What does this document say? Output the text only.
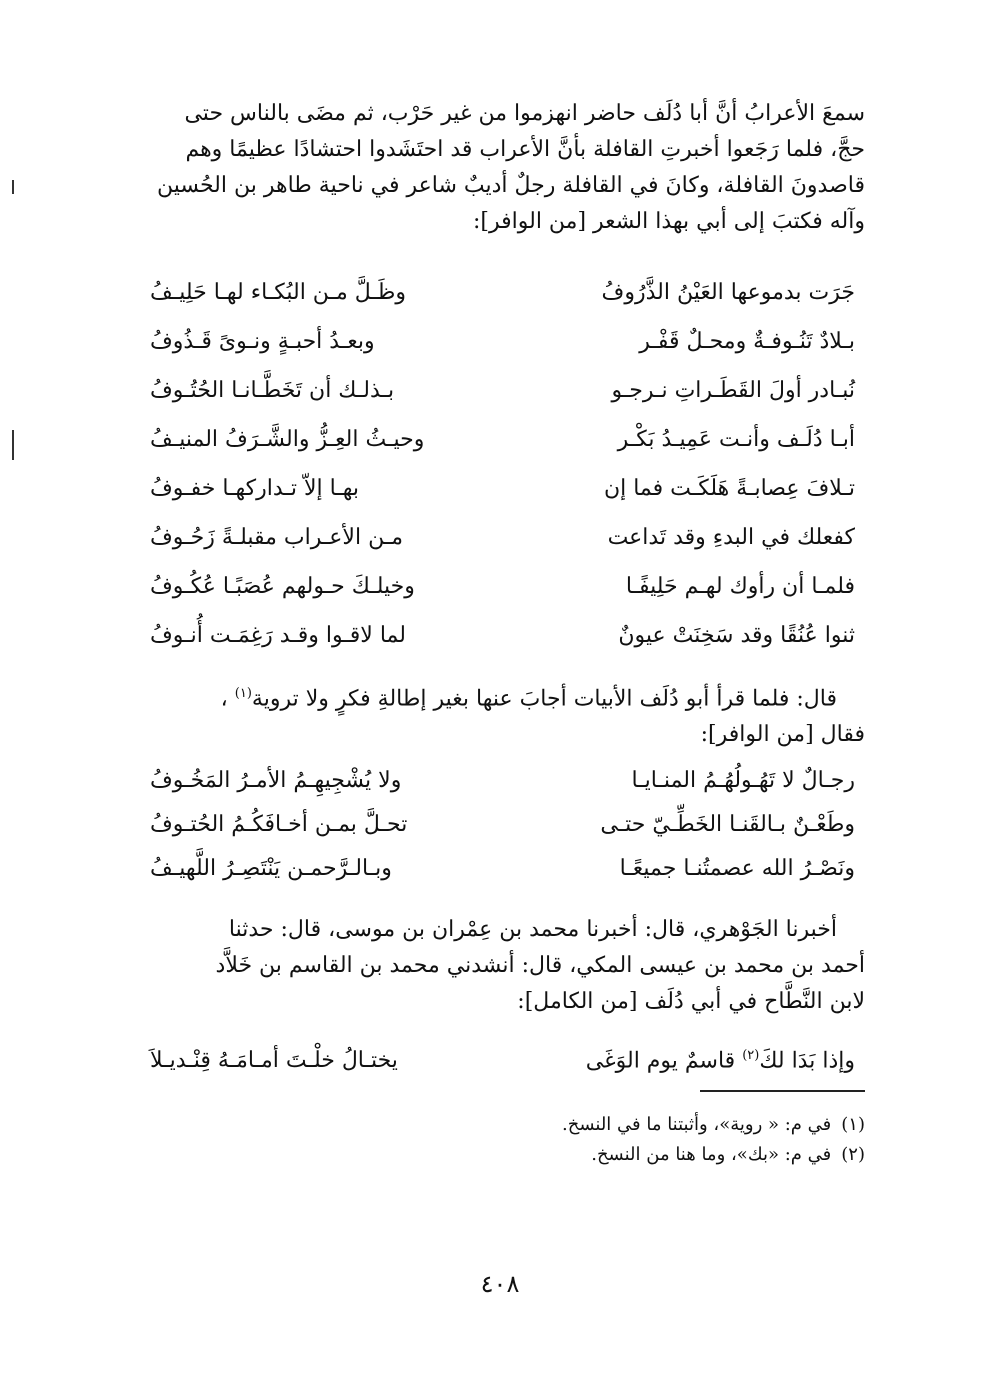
سمعَ الأعرابُ أنَّ أبا دُلَف حاضر انهزموا من غير حَرْب، ثم مضَى بالناس حتى

حجَّ، فلما رَجَعوا أخبرتِ القافلة بأنَّ الأعراب قد احتَشَدوا احتشادًا عظيمًا وهم

قاصدونَ القافلة، وكانَ في القافلة رجلٌ أديبٌ شاعر في ناحية طاهر بن الحُسين

وآله فكتبَ إلى أبي بهذا الشعر [من الوافر]:

جَرَت بدموعها العَيْنُ الذَّرُوفُ
وظَـلَّ مـن البُكـاء لهـا حَلِيـفُ
بـلادٌ تَنُـوفـةٌ ومحـلٌ قَفْـر
وبعـدُ أحبـةٍ ونـوىً قَـذُوفُ
نُبـادر أولَ القَطَـراتِ نـرجـو
بـذلـك أن تَخَطَّـانـا الحُتُـوفُ
أبـا دُلَـف وأنـت عَمِيـدُ بَكْـر
وحيـثُ العِـزُّ والشَّـرَفُ المنيـفُ
تـلافَ عِصابـةً هَلَكَـت فما إن
بهـا إلاّ تـداركهـا خفـوفُ
كفعلك في البدءِ وقد تَداعت
مـن الأعـراب مقبلـةً زَحُـوفُ
فلمـا أن رأوك لهـم حَلِيفًـا
وخيلـكَ حـولهم عُصَبًـا عُكُـوفُ
ثنوا عُنُقًا وقد سَخِنَتْ عيونٌ
لما لاقـوا وقـد رَغِمَـت أُنـوفُ

قال: فلما قرأ أبو دُلَف الأبيات أجابَ عنها بغير إطالةِ فكرٍ ولا تروية$^{(١)}$ ،

فقال [من الوافر]:

رجـالٌ لا تَهُـولُهُـمُ المنـايـا
ولا يُشْجِيهِـمُ الأمـرُ المَخُـوفُ
وطَعْـنٌ بـالقَنـا الخَطِّـيّ حتـى
تحـلَّ بمـن أخـافَكُـمُ الحُتـوفُ
ونَصْـرُ الله عصمتُنـا جميعًـا
وبـالـرَّحمـن يَنْتَصِـرُ اللَّهيـفُ

أخبرنا الجَوْهري، قال: أخبرنا محمد بن عِمْران بن موسى، قال: حدثنا

أحمد بن محمد بن عيسى المكي، قال: أنشدني محمد بن القاسم بن خَلاَّد

لابن النَّطَّاح في أبي دُلَف [من الكامل]:

وإذا بَدَا لكَ$^{(٢)}$ قاسمٌ يوم الوَغَى
يختـالُ خلْـتَ أمـامَـهُ قِنْـديـلاَ
(١)
في م: « روية»، وأثبتنا ما في النسخ.
(٢)
في م: «بك»، وما هنا من النسخ.
٤٠٨
